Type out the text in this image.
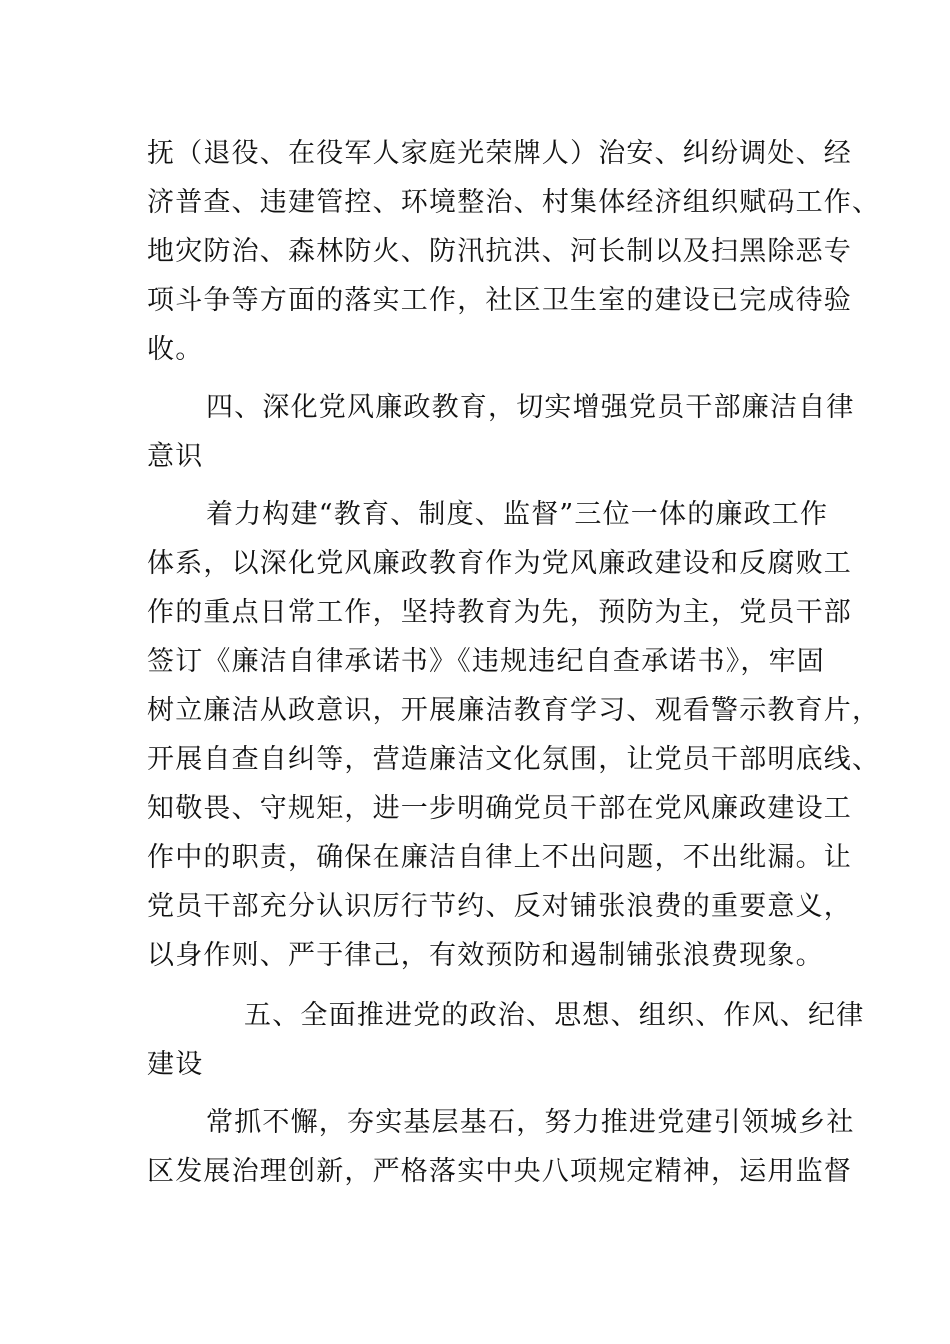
抚（退役、在役军人家庭光荣牌人）治安、纠纷调处、经
济普查、违建管控、环境整治、村集体经济组织赋码工作、
地灾防治、森林防火、防汛抗洪、河长制以及扫黑除恶专
项斗争等方面的落实工作，社区卫生室的建设已完成待验
收。
四、深化党风廉政教育，切实增强党员干部廉洁自律
意识
着力构建“教育、制度、监督”三位一体的廉政工作
体系，以深化党风廉政教育作为党风廉政建设和反腐败工
作的重点日常工作，坚持教育为先，预防为主，党员干部
签订《廉洁自律承诺书》《违规违纪自查承诺书》，牢固
树立廉洁从政意识，开展廉洁教育学习、观看警示教育片，
开展自查自纠等，营造廉洁文化氛围，让党员干部明底线、
知敬畏、守规矩，进一步明确党员干部在党风廉政建设工
作中的职责，确保在廉洁自律上不出问题，不出纰漏。让
党员干部充分认识厉行节约、反对铺张浪费的重要意义，
以身作则、严于律己，有效预防和遏制铺张浪费现象。
五、全面推进党的政治、思想、组织、作风、纪律
建设
常抓不懈，夯实基层基石，努力推进党建引领城乡社
区发展治理创新，严格落实中央八项规定精神，运用监督
